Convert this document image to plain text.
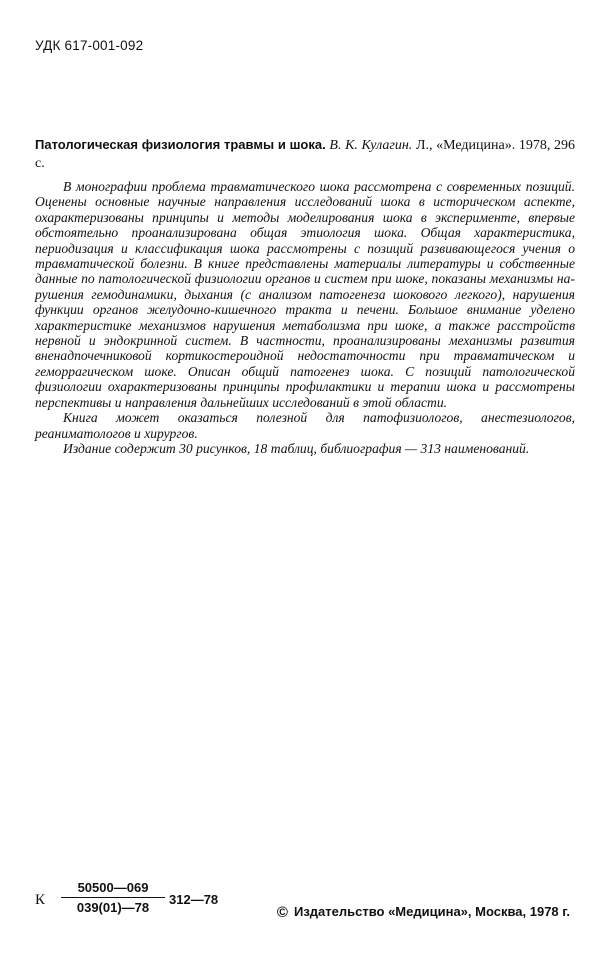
УДК 617-001-092
Патологическая физиология травмы и шока. В. К. Кулагин. Л., «Медицина». 1978, 296 с.

В монографии проблема травматического шока рассмотрена с современных позиций. Оценены основные научные направления исследований шока в историческом аспекте, охарактеризованы принципы и методы моделирования шока в эксперименте, впервые обстоятельно проанализирована общая этиология шока. Общая характеристика, периодизация и классификация шока рассмотрены с позиций развивающегося учения о травматической болезни. В книге представлены материалы литературы и собственные данные по патологической физиологии органов и систем при шоке, показаны механизмы нарушения гемодинамики, дыхания (с анализом патогенеза шокового легкого), нарушения функции органов желудочно-кишечного тракта и печени. Большое внимание уделено характеристике механизмов нарушения метаболизма при шоке, а также расстройств нервной и эндокринной систем. В частности, проанализированы механизмы развития вненадпочечниковой кортикостероидной недостаточности при травматическом и геморрагическом шоке. Описан общий патогенез шока. С позиций патологической физиологии охарактеризованы принципы профилактики и терапии шока и рассмотрены перспективы и направления дальнейших исследований в этой области.

Книга может оказаться полезной для патофизиологов, анестезиологов, реаниматологов и хирургов.

Издание содержит 30 рисунков, 18 таблиц, библиография — 313 наименований.

К $\frac{50500—069}{039(01)—78}$ 312—78
© Издательство «Медицина», Москва, 1978 г.
